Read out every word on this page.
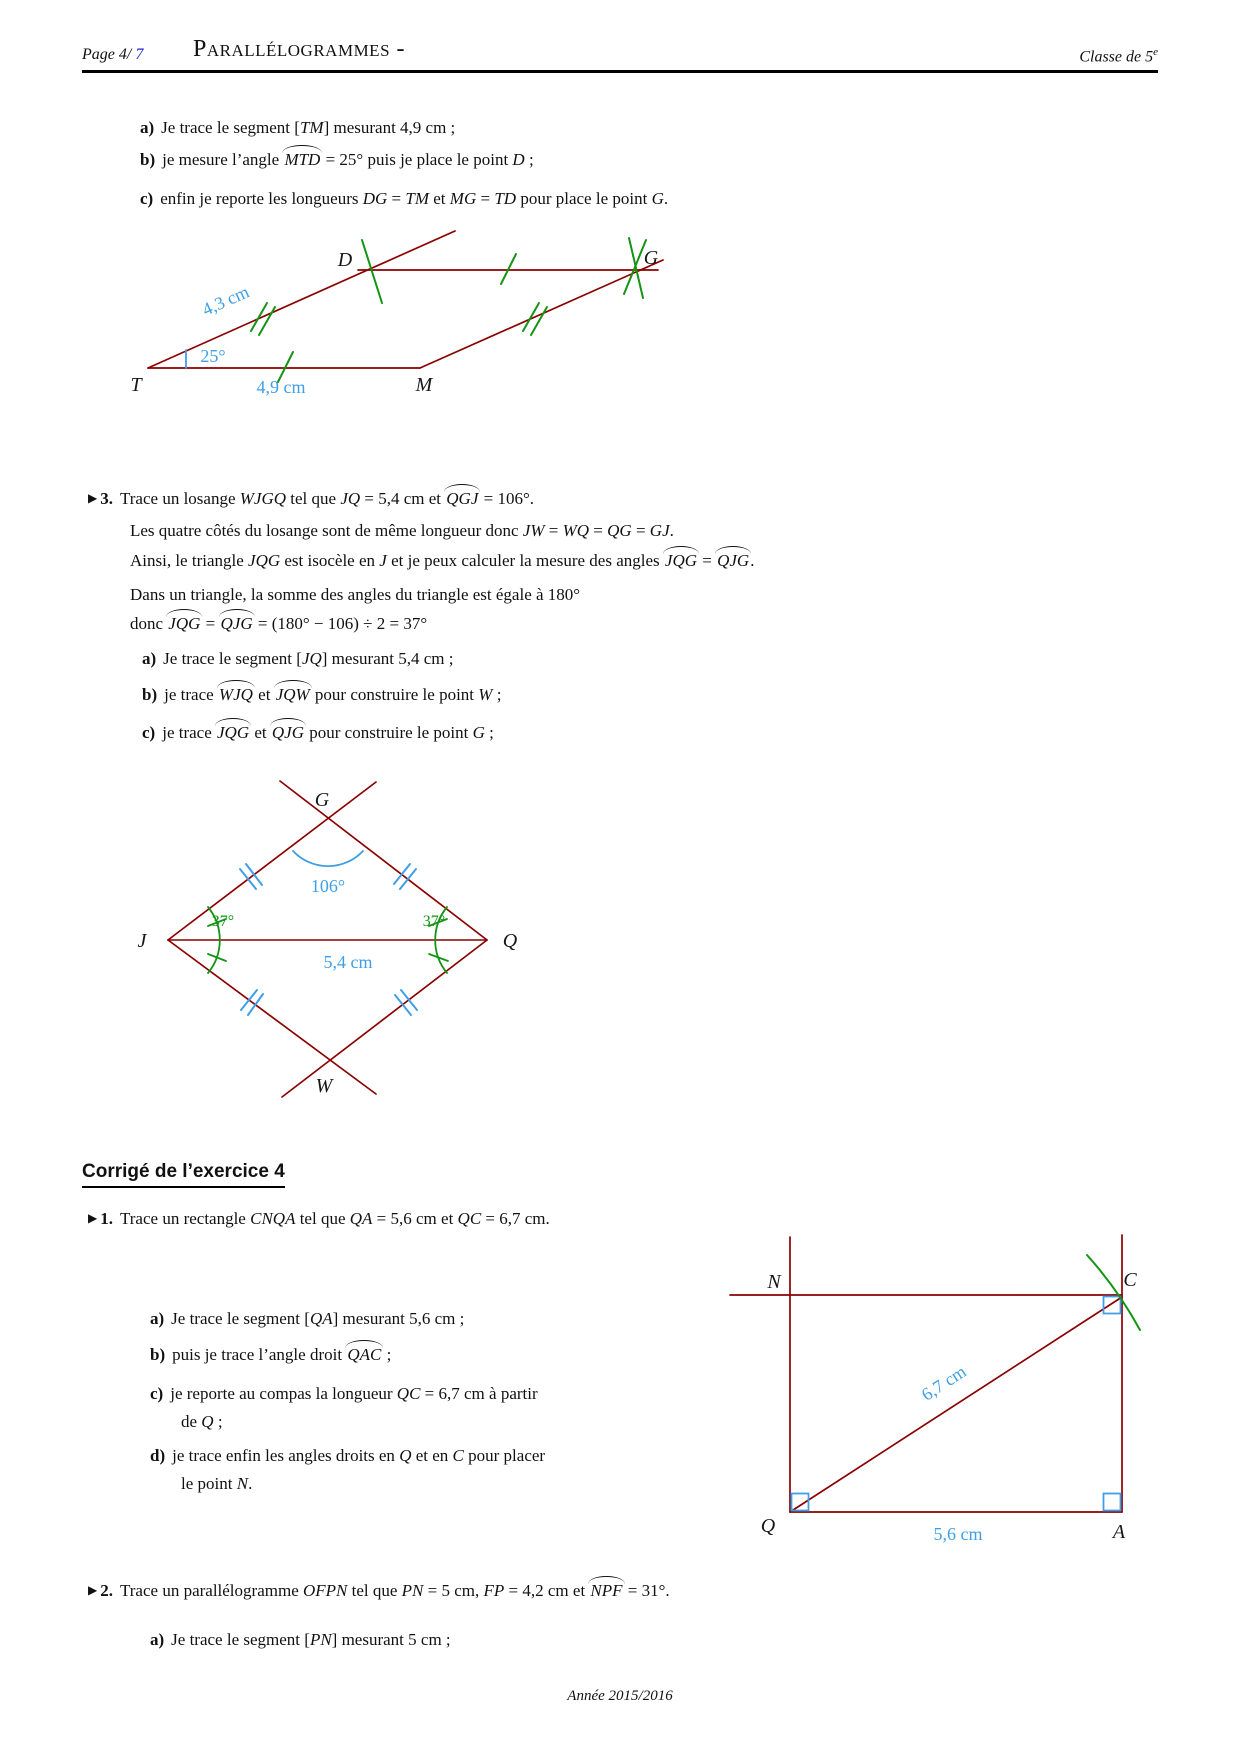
Page 4/ 7 Parallélogrammes -	Classe de 5e
a) Je trace le segment [TM] mesurant 4,9 cm ;
b) je mesure l’angle MTD = 25° puis je place le point D ;
c) enfin je reporte les longueurs DG = TM et MG = TD pour place le point G.
25°
4,3 cm
4,9 cm
T	M
D	G
▶ 3. Trace un losange WJGQ tel que JQ = 5,4 cm et QGJ = 106°.
Les quatre côtés du losange sont de même longueur donc JW = WQ = QG = GJ.
Ainsi, le triangle JQG est isocèle en J et je peux calculer la mesure des angles JQG = QJG.
Dans un triangle, la somme des angles du triangle est égale à 180°
donc JQG = QJG = (180° − 106) ÷ 2 = 37°
a) Je trace le segment [JQ] mesurant 5,4 cm ;
b) je trace WJQ et JQW pour construire le point W ;
c) je trace JQG et QJG pour construire le point G ;
106°
37°	37°
5,4 cm
G
J	Q
W
Corrigé de l’exercice 4
▶ 1. Trace un rectangle CNQA tel que QA = 5,6 cm et QC = 6,7 cm.
a) Je trace le segment [QA] mesurant 5,6 cm ;
b) puis je trace l’angle droit QAC ;
c) je reporte au compas la longueur QC = 6,7 cm à partir
de Q ;
d) je trace enfin les angles droits en Q et en C pour placer
le point N.
6,7 cm
5,6 cm
N	C
Q	A
▶ 2. Trace un parallélogramme OFPN tel que PN = 5 cm, FP = 4,2 cm et NPF = 31°.
a) Je trace le segment [PN] mesurant 5 cm ;
Année 2015/2016
